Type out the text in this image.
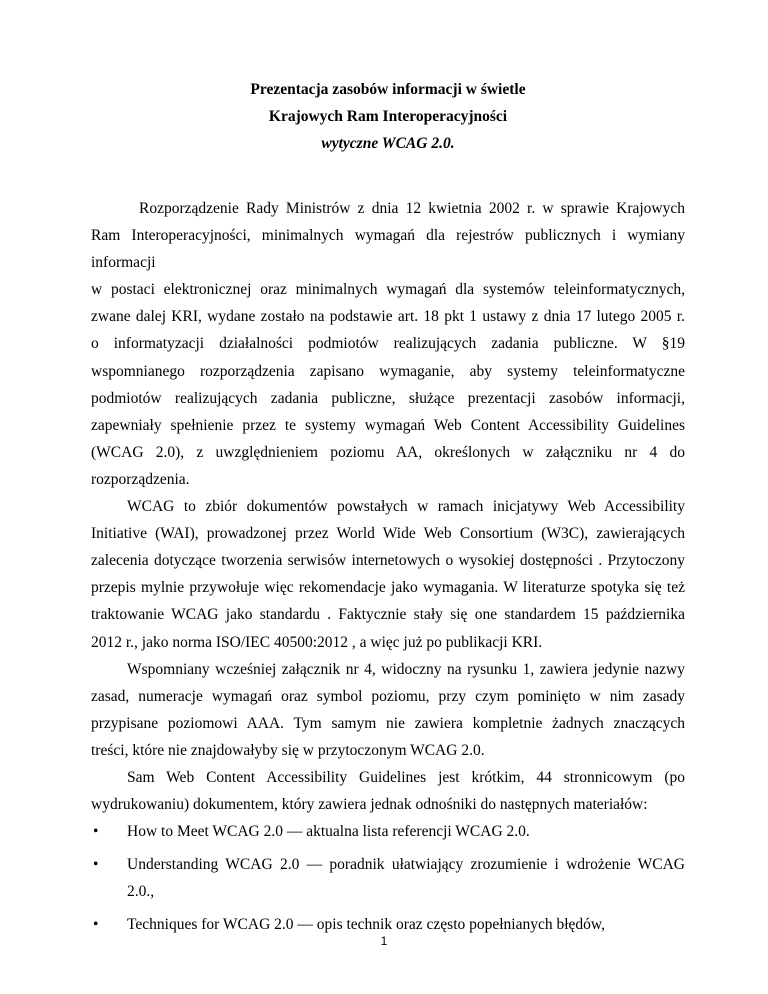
Prezentacja zasobów informacji w świetle
Krajowych Ram Interoperacyjności
wytyczne WCAG 2.0.
Rozporządzenie Rady Ministrów z dnia 12 kwietnia 2002 r. w sprawie Krajowych
Ram Interoperacyjności, minimalnych wymagań dla rejestrów publicznych i wymiany
informacji
w postaci elektronicznej oraz minimalnych wymagań dla systemów teleinformatycznych,
zwane dalej KRI, wydane zostało na podstawie art. 18 pkt 1 ustawy z dnia 17 lutego 2005 r.
o informatyzacji działalności podmiotów realizujących zadania publiczne. W §19
wspomnianego rozporządzenia zapisano wymaganie, aby systemy teleinformatyczne
podmiotów realizujących zadania publiczne, służące prezentacji zasobów informacji,
zapewniały spełnienie przez te systemy wymagań Web Content Accessibility Guidelines
(WCAG 2.0), z uwzględnieniem poziomu AA, określonych w załączniku nr 4 do
rozporządzenia.
WCAG to zbiór dokumentów powstałych w ramach inicjatywy Web Accessibility
Initiative (WAI), prowadzonej przez World Wide Web Consortium (W3C), zawierających
zalecenia dotyczące tworzenia serwisów internetowych o wysokiej dostępności . Przytoczony
przepis mylnie przywołuje więc rekomendacje jako wymagania. W literaturze spotyka się też
traktowanie WCAG jako standardu . Faktycznie stały się one standardem 15 października
2012 r., jako norma ISO/IEC 40500:2012 , a więc już po publikacji KRI.
Wspomniany wcześniej załącznik nr 4, widoczny na rysunku 1, zawiera jedynie nazwy
zasad, numeracje wymagań oraz symbol poziomu, przy czym pominięto w nim zasady
przypisane poziomowi AAA. Tym samym nie zawiera kompletnie żadnych znaczących
treści, które nie znajdowałyby się w przytoczonym WCAG 2.0.
Sam Web Content Accessibility Guidelines jest krótkim, 44 stronnicowym (po
wydrukowaniu) dokumentem, który zawiera jednak odnośniki do następnych materiałów:
• How to Meet WCAG 2.0 — aktualna lista referencji WCAG 2.0.
• Understanding WCAG 2.0 — poradnik ułatwiający zrozumienie i wdrożenie WCAG
2.0.,
• Techniques for WCAG 2.0 — opis technik oraz często popełnianych błędów,
1
